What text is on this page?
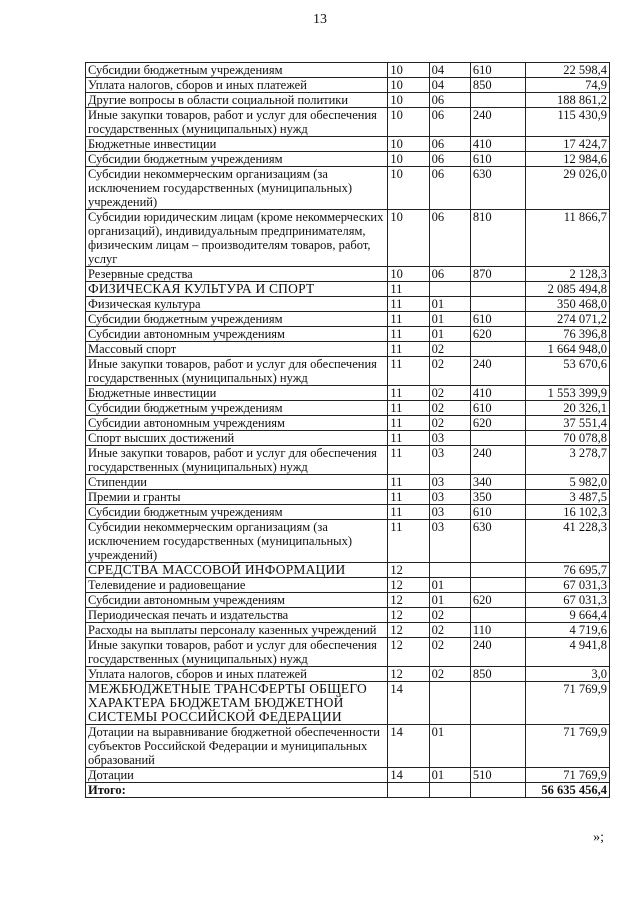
13
Субсидии бюджетным учреждениям	10	04	610	22 598,4
Уплата налогов, сборов и иных платежей	10	04	850	74,9
Другие вопросы в области социальной политики	10	06		188 861,2
Иные закупки товаров, работ и услуг для обеспечения государственных (муниципальных) нужд	10	06	240	115 430,9
Бюджетные инвестиции	10	06	410	17 424,7
Субсидии бюджетным учреждениям	10	06	610	12 984,6
Субсидии некоммерческим организациям (за исключением государственных (муниципальных) учреждений)	10	06	630	29 026,0
Субсидии юридическим лицам (кроме некоммерческих организаций), индивидуальным предпринимателям, физическим лицам – производителям товаров, работ, услуг	10	06	810	11 866,7
Резервные средства	10	06	870	2 128,3
ФИЗИЧЕСКАЯ КУЛЬТУРА И СПОРТ	11			2 085 494,8
Физическая культура	11	01		350 468,0
Субсидии бюджетным учреждениям	11	01	610	274 071,2
Субсидии автономным учреждениям	11	01	620	76 396,8
Массовый спорт	11	02		1 664 948,0
Иные закупки товаров, работ и услуг для обеспечения государственных (муниципальных) нужд	11	02	240	53 670,6
Бюджетные инвестиции	11	02	410	1 553 399,9
Субсидии бюджетным учреждениям	11	02	610	20 326,1
Субсидии автономным учреждениям	11	02	620	37 551,4
Спорт высших достижений	11	03		70 078,8
Иные закупки товаров, работ и услуг для обеспечения государственных (муниципальных) нужд	11	03	240	3 278,7
Стипендии	11	03	340	5 982,0
Премии и гранты	11	03	350	3 487,5
Субсидии бюджетным учреждениям	11	03	610	16 102,3
Субсидии некоммерческим организациям (за исключением государственных (муниципальных) учреждений)	11	03	630	41 228,3
СРЕДСТВА МАССОВОЙ ИНФОРМАЦИИ	12			76 695,7
Телевидение и радиовещание	12	01		67 031,3
Субсидии автономным учреждениям	12	01	620	67 031,3
Периодическая печать и издательства	12	02		9 664,4
Расходы на выплаты персоналу казенных учреждений	12	02	110	4 719,6
Иные закупки товаров, работ и услуг для обеспечения государственных (муниципальных) нужд	12	02	240	4 941,8
Уплата налогов, сборов и иных платежей	12	02	850	3,0
МЕЖБЮДЖЕТНЫЕ ТРАНСФЕРТЫ ОБЩЕГО ХАРАКТЕРА БЮДЖЕТАМ БЮДЖЕТНОЙ СИСТЕМЫ РОССИЙСКОЙ ФЕДЕРАЦИИ	14			71 769,9
Дотации на выравнивание бюджетной обеспеченности субъектов Российской Федерации и муниципальных образований	14	01		71 769,9
Дотации	14	01	510	71 769,9
Итого:				56 635 456,4
»;
